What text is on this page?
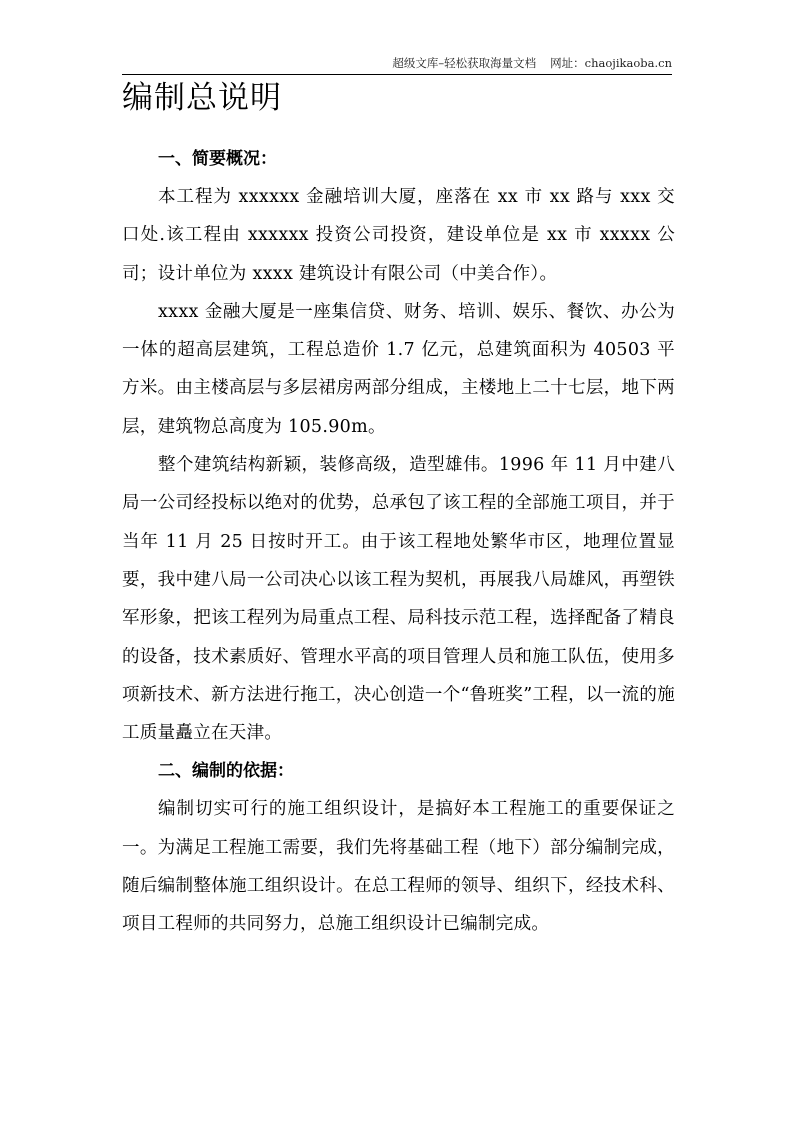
超级文库–轻松获取海量文档 网址：chaojikaoba.cn
编制总说明
一、简要概况：

本工程为 xxxxxx 金融培训大厦，座落在 xx 市 xx 路与 xxx 交口处.该工程由 xxxxxx 投资公司投资，建设单位是 xx 市 xxxxx 公司；设计单位为 xxxx 建筑设计有限公司（中美合作）。

xxxx 金融大厦是一座集信贷、财务、培训、娱乐、餐饮、办公为一体的超高层建筑，工程总造价 1.7 亿元，总建筑面积为 40503 平方米。由主楼高层与多层裙房两部分组成，主楼地上二十七层，地下两层，建筑物总高度为 105.90m。

整个建筑结构新颖，装修高级，造型雄伟。1996 年 11 月中建八局一公司经投标以绝对的优势，总承包了该工程的全部施工项目，并于当年 11 月 25 日按时开工。由于该工程地处繁华市区，地理位置显要，我中建八局一公司决心以该工程为契机，再展我八局雄风，再塑铁军形象，把该工程列为局重点工程、局科技示范工程，选择配备了精良的设备，技术素质好、管理水平高的项目管理人员和施工队伍，使用多项新技术、新方法进行拖工，决心创造一个“鲁班奖”工程，以一流的施工质量矗立在天津。

二、编制的依据：

编制切实可行的施工组织设计，是搞好本工程施工的重要保证之一。为满足工程施工需要，我们先将基础工程（地下）部分编制完成，随后编制整体施工组织设计。在总工程师的领导、组织下，经技术科、项目工程师的共同努力，总施工组织设计已编制完成。
